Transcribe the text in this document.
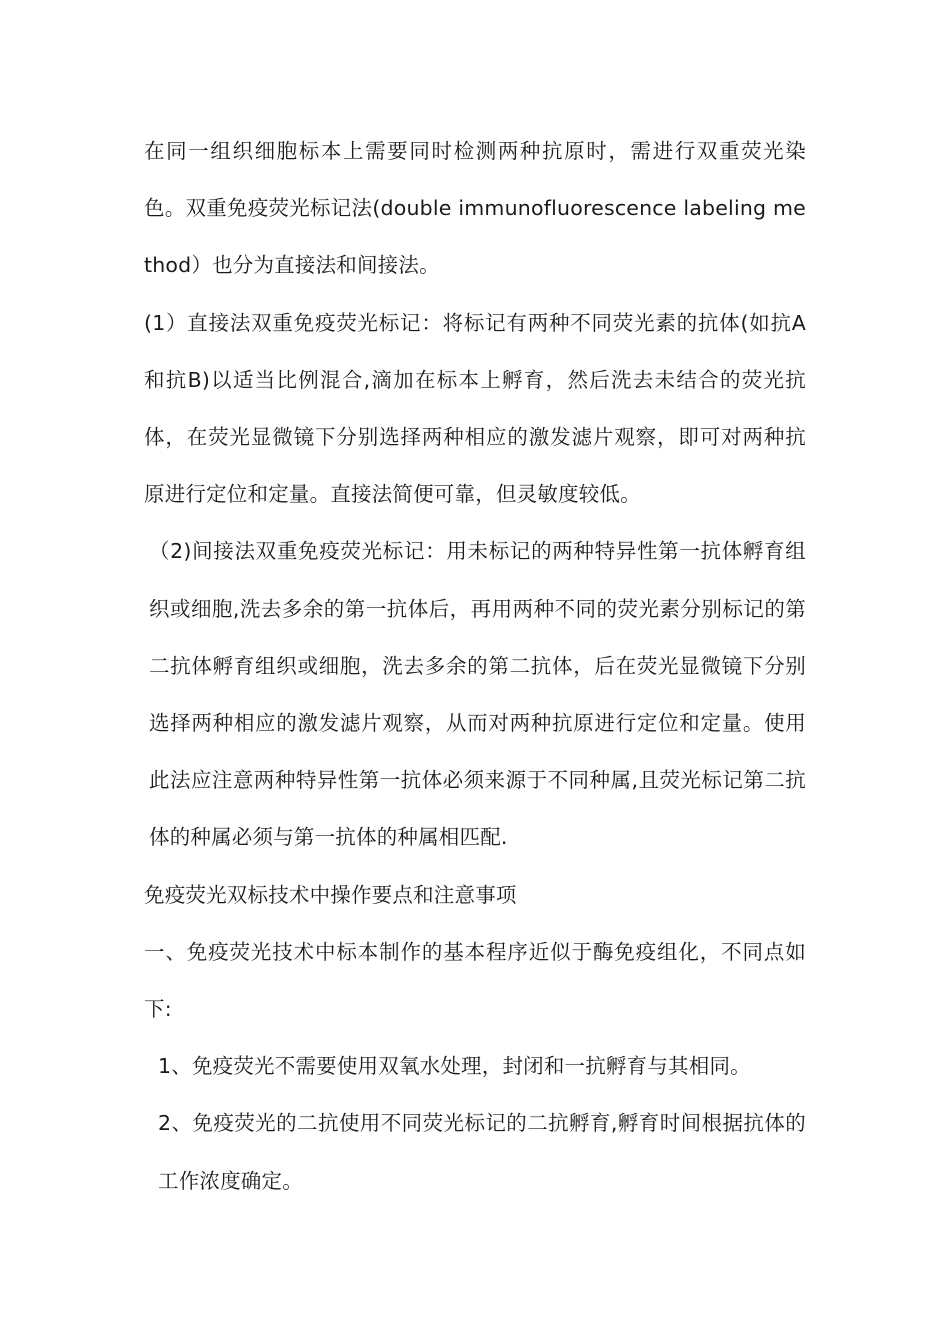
在同一组织细胞标本上需要同时检测两种抗原时，需进行双重荧光染色。双重免疫荧光标记法(double immunofluorescence labeling method）也分为直接法和间接法。

(1）直接法双重免疫荧光标记：将标记有两种不同荧光素的抗体(如抗A和抗B)以适当比例混合,滴加在标本上孵育，然后洗去未结合的荧光抗体，在荧光显微镜下分别选择两种相应的激发滤片观察，即可对两种抗原进行定位和定量。直接法简便可靠，但灵敏度较低。

（2)间接法双重免疫荧光标记：用未标记的两种特异性第一抗体孵育组织或细胞,洗去多余的第一抗体后，再用两种不同的荧光素分别标记的第二抗体孵育组织或细胞，洗去多余的第二抗体，后在荧光显微镜下分别选择两种相应的激发滤片观察，从而对两种抗原进行定位和定量。使用此法应注意两种特异性第一抗体必须来源于不同种属,且荧光标记第二抗体的种属必须与第一抗体的种属相匹配.

免疫荧光双标技术中操作要点和注意事项

一、免疫荧光技术中标本制作的基本程序近似于酶免疫组化，不同点如下:

1、免疫荧光不需要使用双氧水处理，封闭和一抗孵育与其相同。

2、免疫荧光的二抗使用不同荧光标记的二抗孵育,孵育时间根据抗体的工作浓度确定。
